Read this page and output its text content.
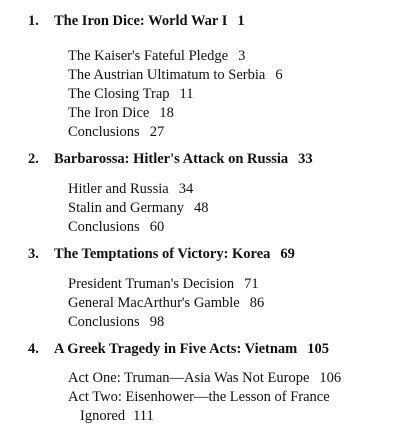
1. The Iron Dice: World War I 1
The Kaiser's Fateful Pledge 3
The Austrian Ultimatum to Serbia 6
The Closing Trap 11
The Iron Dice 18
Conclusions 27
2. Barbarossa: Hitler's Attack on Russia 33
Hitler and Russia 34
Stalin and Germany 48
Conclusions 60
3. The Temptations of Victory: Korea 69
President Truman's Decision 71
General MacArthur's Gamble 86
Conclusions 98
4. A Greek Tragedy in Five Acts: Vietnam 105
Act One: Truman—Asia Was Not Europe 106
Act Two: Eisenhower—the Lesson of France
Ignored 111
